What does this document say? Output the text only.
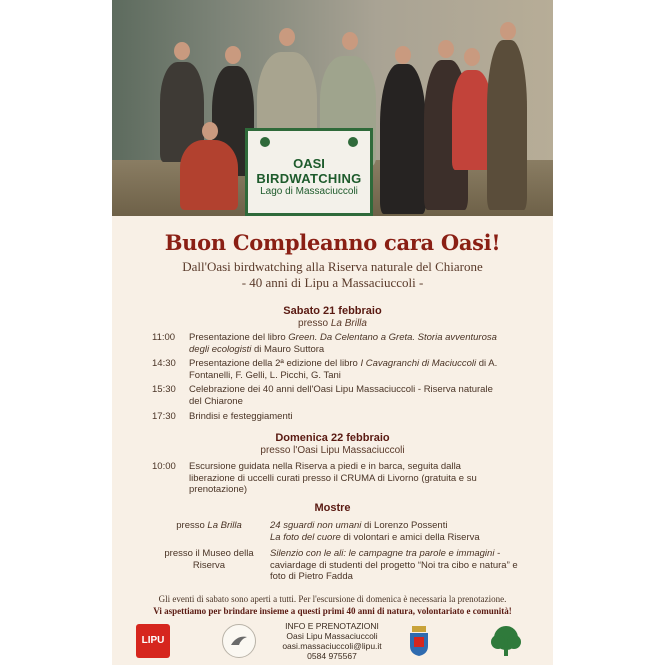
OASI
BIRDWATCHING
Lago di Massaciuccoli
Buon Compleanno cara Oasi!
Dall'Oasi birdwatching alla Riserva naturale del Chiarone
- 40 anni di Lipu a Massaciuccoli -
Sabato 21 febbraio
presso La Brilla
11:00 Presentazione del libro Green. Da Celentano a Greta. Storia avventurosa degli ecologisti di Mauro Suttora
14:30 Presentazione della 2ª edizione del libro I Cavagranchi di Maciuccoli di A. Fontanelli, F. Gelli, L. Picchi, G. Tani
15:30 Celebrazione dei 40 anni dell'Oasi Lipu Massaciuccoli - Riserva naturale del Chiarone
17:30 Brindisi e festeggiamenti
Domenica 22 febbraio
presso l'Oasi Lipu Massaciuccoli
10:00 Escursione guidata nella Riserva a piedi e in barca, seguita dalla liberazione di uccelli curati presso il CRUMA di Livorno (gratuita e su prenotazione)
Mostre
presso La Brilla	24 sguardi non umani di Lorenzo Possenti
La foto del cuore di volontari e amici della Riserva
presso il Museo della Riserva
Silenzio con le ali: le campagne tra parole e immagini - caviardage di studenti del progetto “Noi tra cibo e natura” e foto di Pietro Fadda
Gli eventi di sabato sono aperti a tutti. Per l'escursione di domenica è necessaria la prenotazione.
Vi aspettiamo per brindare insieme a questi primi 40 anni di natura, volontariato e comunità!
LIPU
INFO E PRENOTAZIONI
Oasi Lipu Massaciuccoli
oasi.massaciuccoli@lipu.it
0584 975567
